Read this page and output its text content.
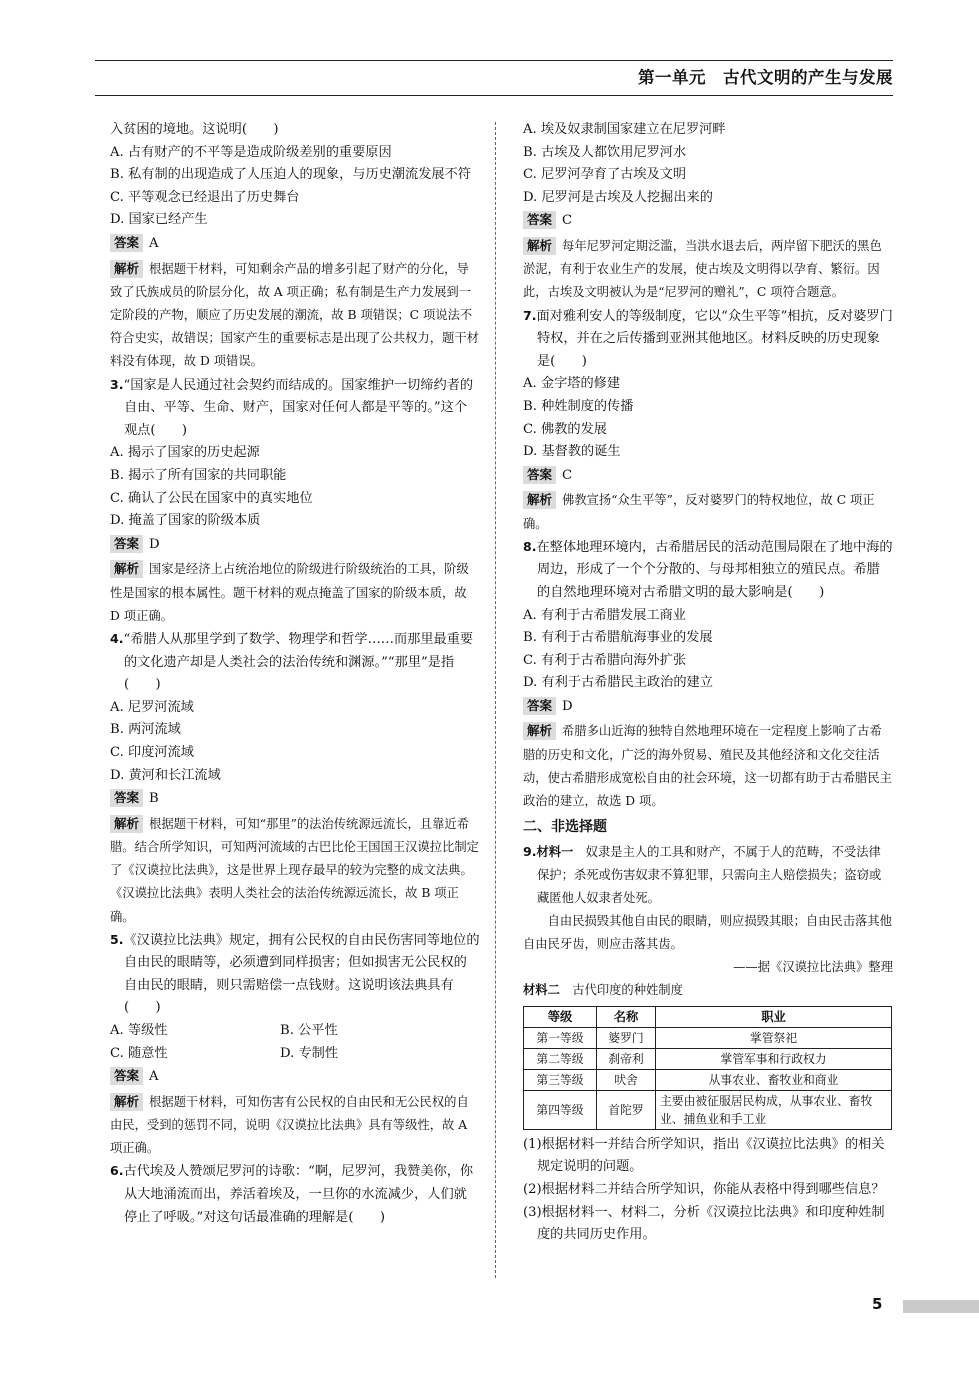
第一单元　古代文明的产生与发展

入贫困的境地。这说明(　　)

A. 占有财产的不平等是造成阶级差别的重要原因

B. 私有制的出现造成了人压迫人的现象，与历史潮流发展不符

C. 平等观念已经退出了历史舞台

D. 国家已经产生

答案 A

解析 根据题干材料，可知剩余产品的增多引起了财产的分化，导致了氏族成员的阶层分化，故 A 项正确；私有制是生产力发展到一定阶段的产物，顺应了历史发展的潮流，故 B 项错误；C 项说法不符合史实，故错误；国家产生的重要标志是出现了公共权力，题干材料没有体现，故 D 项错误。

3.“国家是人民通过社会契约而结成的。国家维护一切缔约者的自由、平等、生命、财产，国家对任何人都是平等的。”这个观点(　　)

A. 揭示了国家的历史起源

B. 揭示了所有国家的共同职能

C. 确认了公民在国家中的真实地位

D. 掩盖了国家的阶级本质

答案 D

解析 国家是经济上占统治地位的阶级进行阶级统治的工具，阶级性是国家的根本属性。题干材料的观点掩盖了国家的阶级本质，故 D 项正确。

4.“希腊人从那里学到了数学、物理学和哲学……而那里最重要的文化遗产却是人类社会的法治传统和渊源。”“那里”是指(　　)

A. 尼罗河流域

B. 两河流域

C. 印度河流域

D. 黄河和长江流域

答案 B

解析 根据题干材料，可知“那里”的法治传统源远流长，且靠近希腊。结合所学知识，可知两河流域的古巴比伦王国国王汉谟拉比制定了《汉谟拉比法典》，这是世界上现存最早的较为完整的成文法典。《汉谟拉比法典》表明人类社会的法治传统源远流长，故 B 项正确。

5.《汉谟拉比法典》规定，拥有公民权的自由民伤害同等地位的自由民的眼睛等，必须遭到同样损害；但如损害无公民权的自由民的眼睛，则只需赔偿一点钱财。这说明该法典具有(　　)

A. 等级性	B. 公平性
C. 随意性	D. 专制性

答案 A

解析 根据题干材料，可知伤害有公民权的自由民和无公民权的自由民，受到的惩罚不同，说明《汉谟拉比法典》具有等级性，故 A 项正确。

6.古代埃及人赞颂尼罗河的诗歌：“啊，尼罗河，我赞美你，你从大地涌流而出，养活着埃及，一旦你的水流减少，人们就停止了呼吸。”对这句话最准确的理解是(　　)

A. 埃及奴隶制国家建立在尼罗河畔

B. 古埃及人都饮用尼罗河水

C. 尼罗河孕育了古埃及文明

D. 尼罗河是古埃及人挖掘出来的

答案 C

解析 每年尼罗河定期泛滥，当洪水退去后，两岸留下肥沃的黑色淤泥，有利于农业生产的发展，使古埃及文明得以孕育、繁衍。因此，古埃及文明被认为是“尼罗河的赠礼”，C 项符合题意。

7.面对雅利安人的等级制度，它以“众生平等”相抗，反对婆罗门特权，并在之后传播到亚洲其他地区。材料反映的历史现象是(　　)

A. 金字塔的修建

B. 种姓制度的传播

C. 佛教的发展

D. 基督教的诞生

答案 C

解析 佛教宣扬“众生平等”，反对婆罗门的特权地位，故 C 项正确。

8.在整体地理环境内，古希腊居民的活动范围局限在了地中海的周边，形成了一个个分散的、与母邦相独立的殖民点。希腊的自然地理环境对古希腊文明的最大影响是(　　)

A. 有利于古希腊发展工商业

B. 有利于古希腊航海事业的发展

C. 有利于古希腊向海外扩张

D. 有利于古希腊民主政治的建立

答案 D

解析 希腊多山近海的独特自然地理环境在一定程度上影响了古希腊的历史和文化，广泛的海外贸易、殖民及其他经济和文化交往活动，使古希腊形成宽松自由的社会环境，这一切都有助于古希腊民主政治的建立，故选 D 项。

二、非选择题

9.材料一　 奴隶是主人的工具和财产，不属于人的范畴，不受法律保护；杀死或伤害奴隶不算犯罪，只需向主人赔偿损失；盗窃或藏匿他人奴隶者处死。

自由民损毁其他自由民的眼睛，则应损毁其眼；自由民击落其他自由民牙齿，则应击落其齿。

——据《汉谟拉比法典》整理

材料二　 古代印度的种姓制度

等级	名称	职业
第一等级	婆罗门	掌管祭祀
第二等级	刹帝利	掌管军事和行政权力
第三等级	吠舍	从事农业、畜牧业和商业
第四等级	首陀罗	主要由被征服居民构成，从事农业、畜牧业、捕鱼业和手工业

(1)根据材料一并结合所学知识，指出《汉谟拉比法典》的相关规定说明的问题。

(2)根据材料二并结合所学知识，你能从表格中得到哪些信息？

(3)根据材料一、材料二，分析《汉谟拉比法典》和印度种姓制度的共同历史作用。

5
